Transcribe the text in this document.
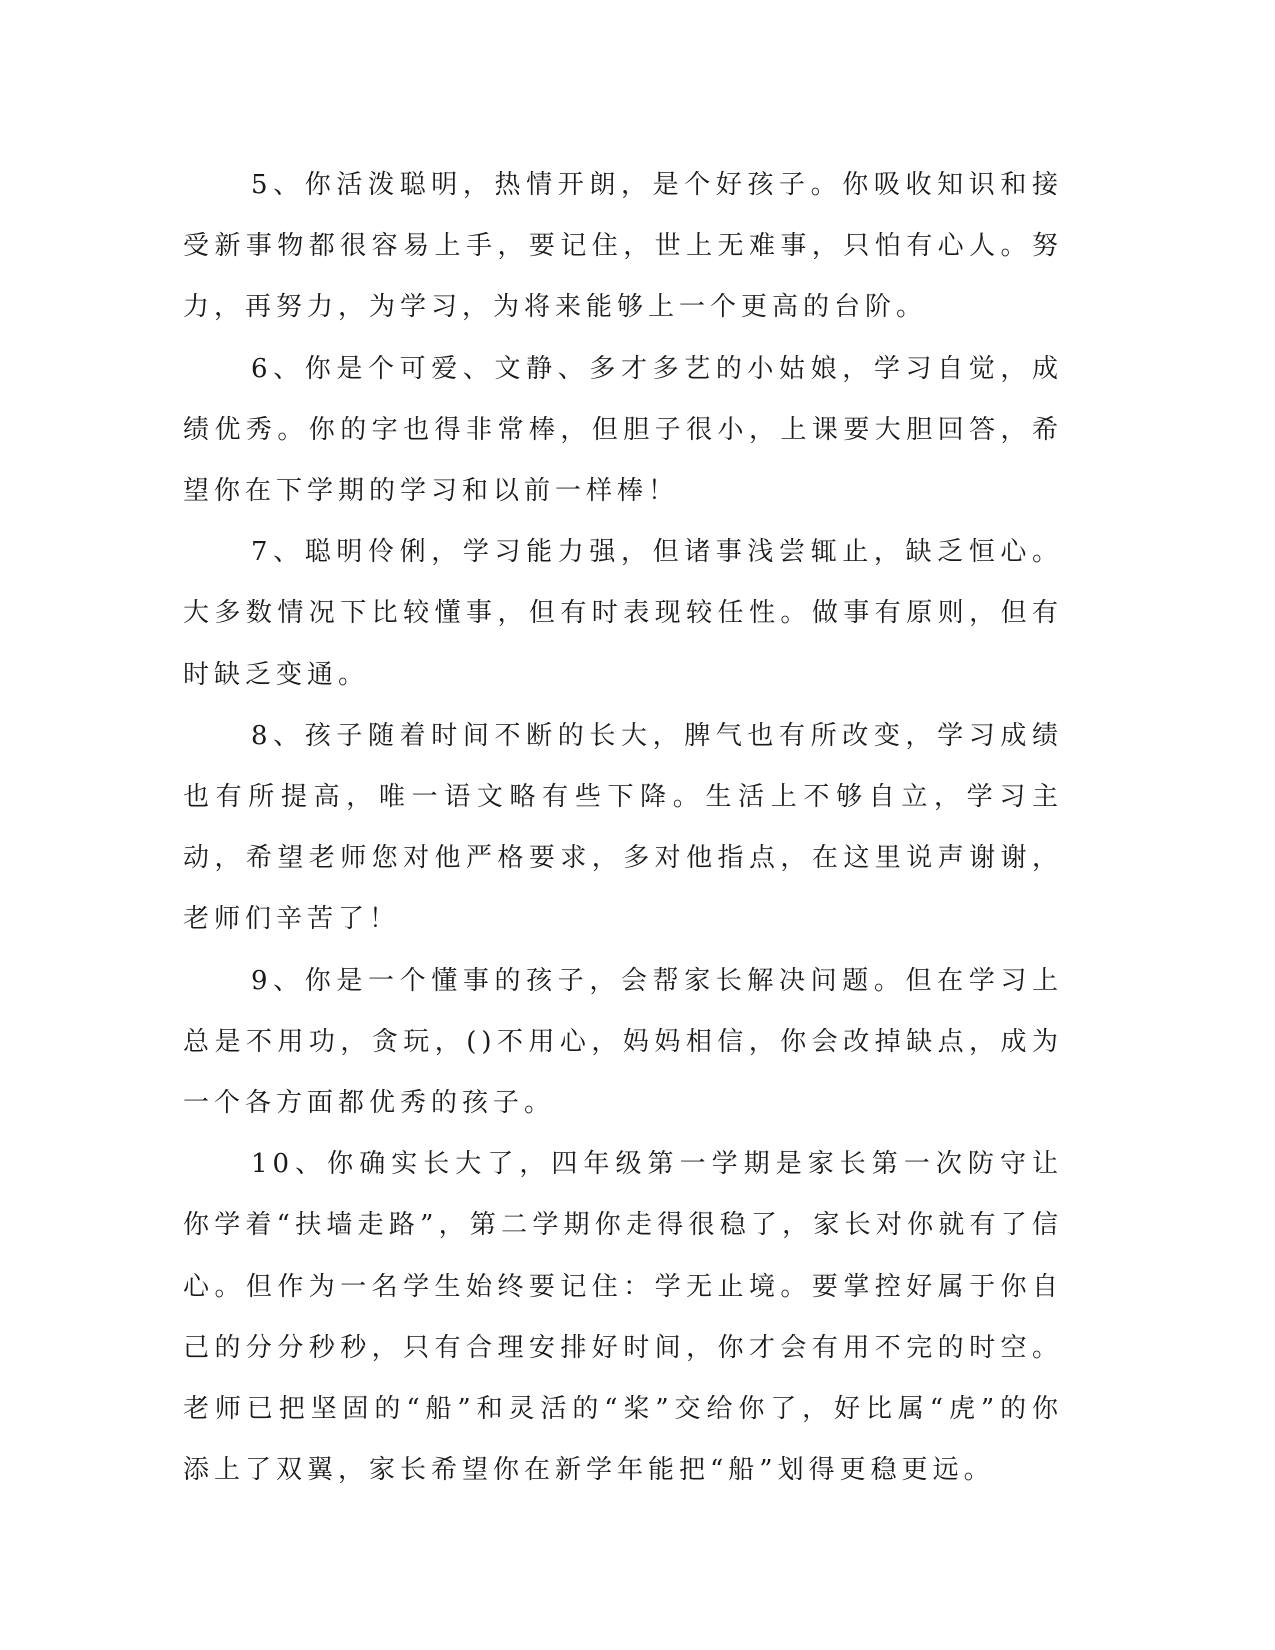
5、你活泼聪明，热情开朗，是个好孩子。你吸收知识和接受新事物都很容易上手，要记住，世上无难事，只怕有心人。努力，再努力，为学习，为将来能够上一个更高的台阶。

6、你是个可爱、文静、多才多艺的小姑娘，学习自觉，成绩优秀。你的字也得非常棒，但胆子很小，上课要大胆回答，希望你在下学期的学习和以前一样棒！

7、聪明伶俐，学习能力强，但诸事浅尝辄止，缺乏恒心。大多数情况下比较懂事，但有时表现较任性。做事有原则，但有时缺乏变通。

8、孩子随着时间不断的长大，脾气也有所改变，学习成绩也有所提高，唯一语文略有些下降。生活上不够自立，学习主动，希望老师您对他严格要求，多对他指点，在这里说声谢谢，老师们辛苦了！

9、你是一个懂事的孩子，会帮家长解决问题。但在学习上总是不用功，贪玩，()不用心，妈妈相信，你会改掉缺点，成为一个各方面都优秀的孩子。

10、你确实长大了，四年级第一学期是家长第一次防守让你学着“扶墙走路”，第二学期你走得很稳了，家长对你就有了信心。但作为一名学生始终要记住：学无止境。要掌控好属于你自己的分分秒秒，只有合理安排好时间，你才会有用不完的时空。老师已把坚固的“船”和灵活的“桨”交给你了，好比属“虎”的你添上了双翼，家长希望你在新学年能把“船”划得更稳更远。
